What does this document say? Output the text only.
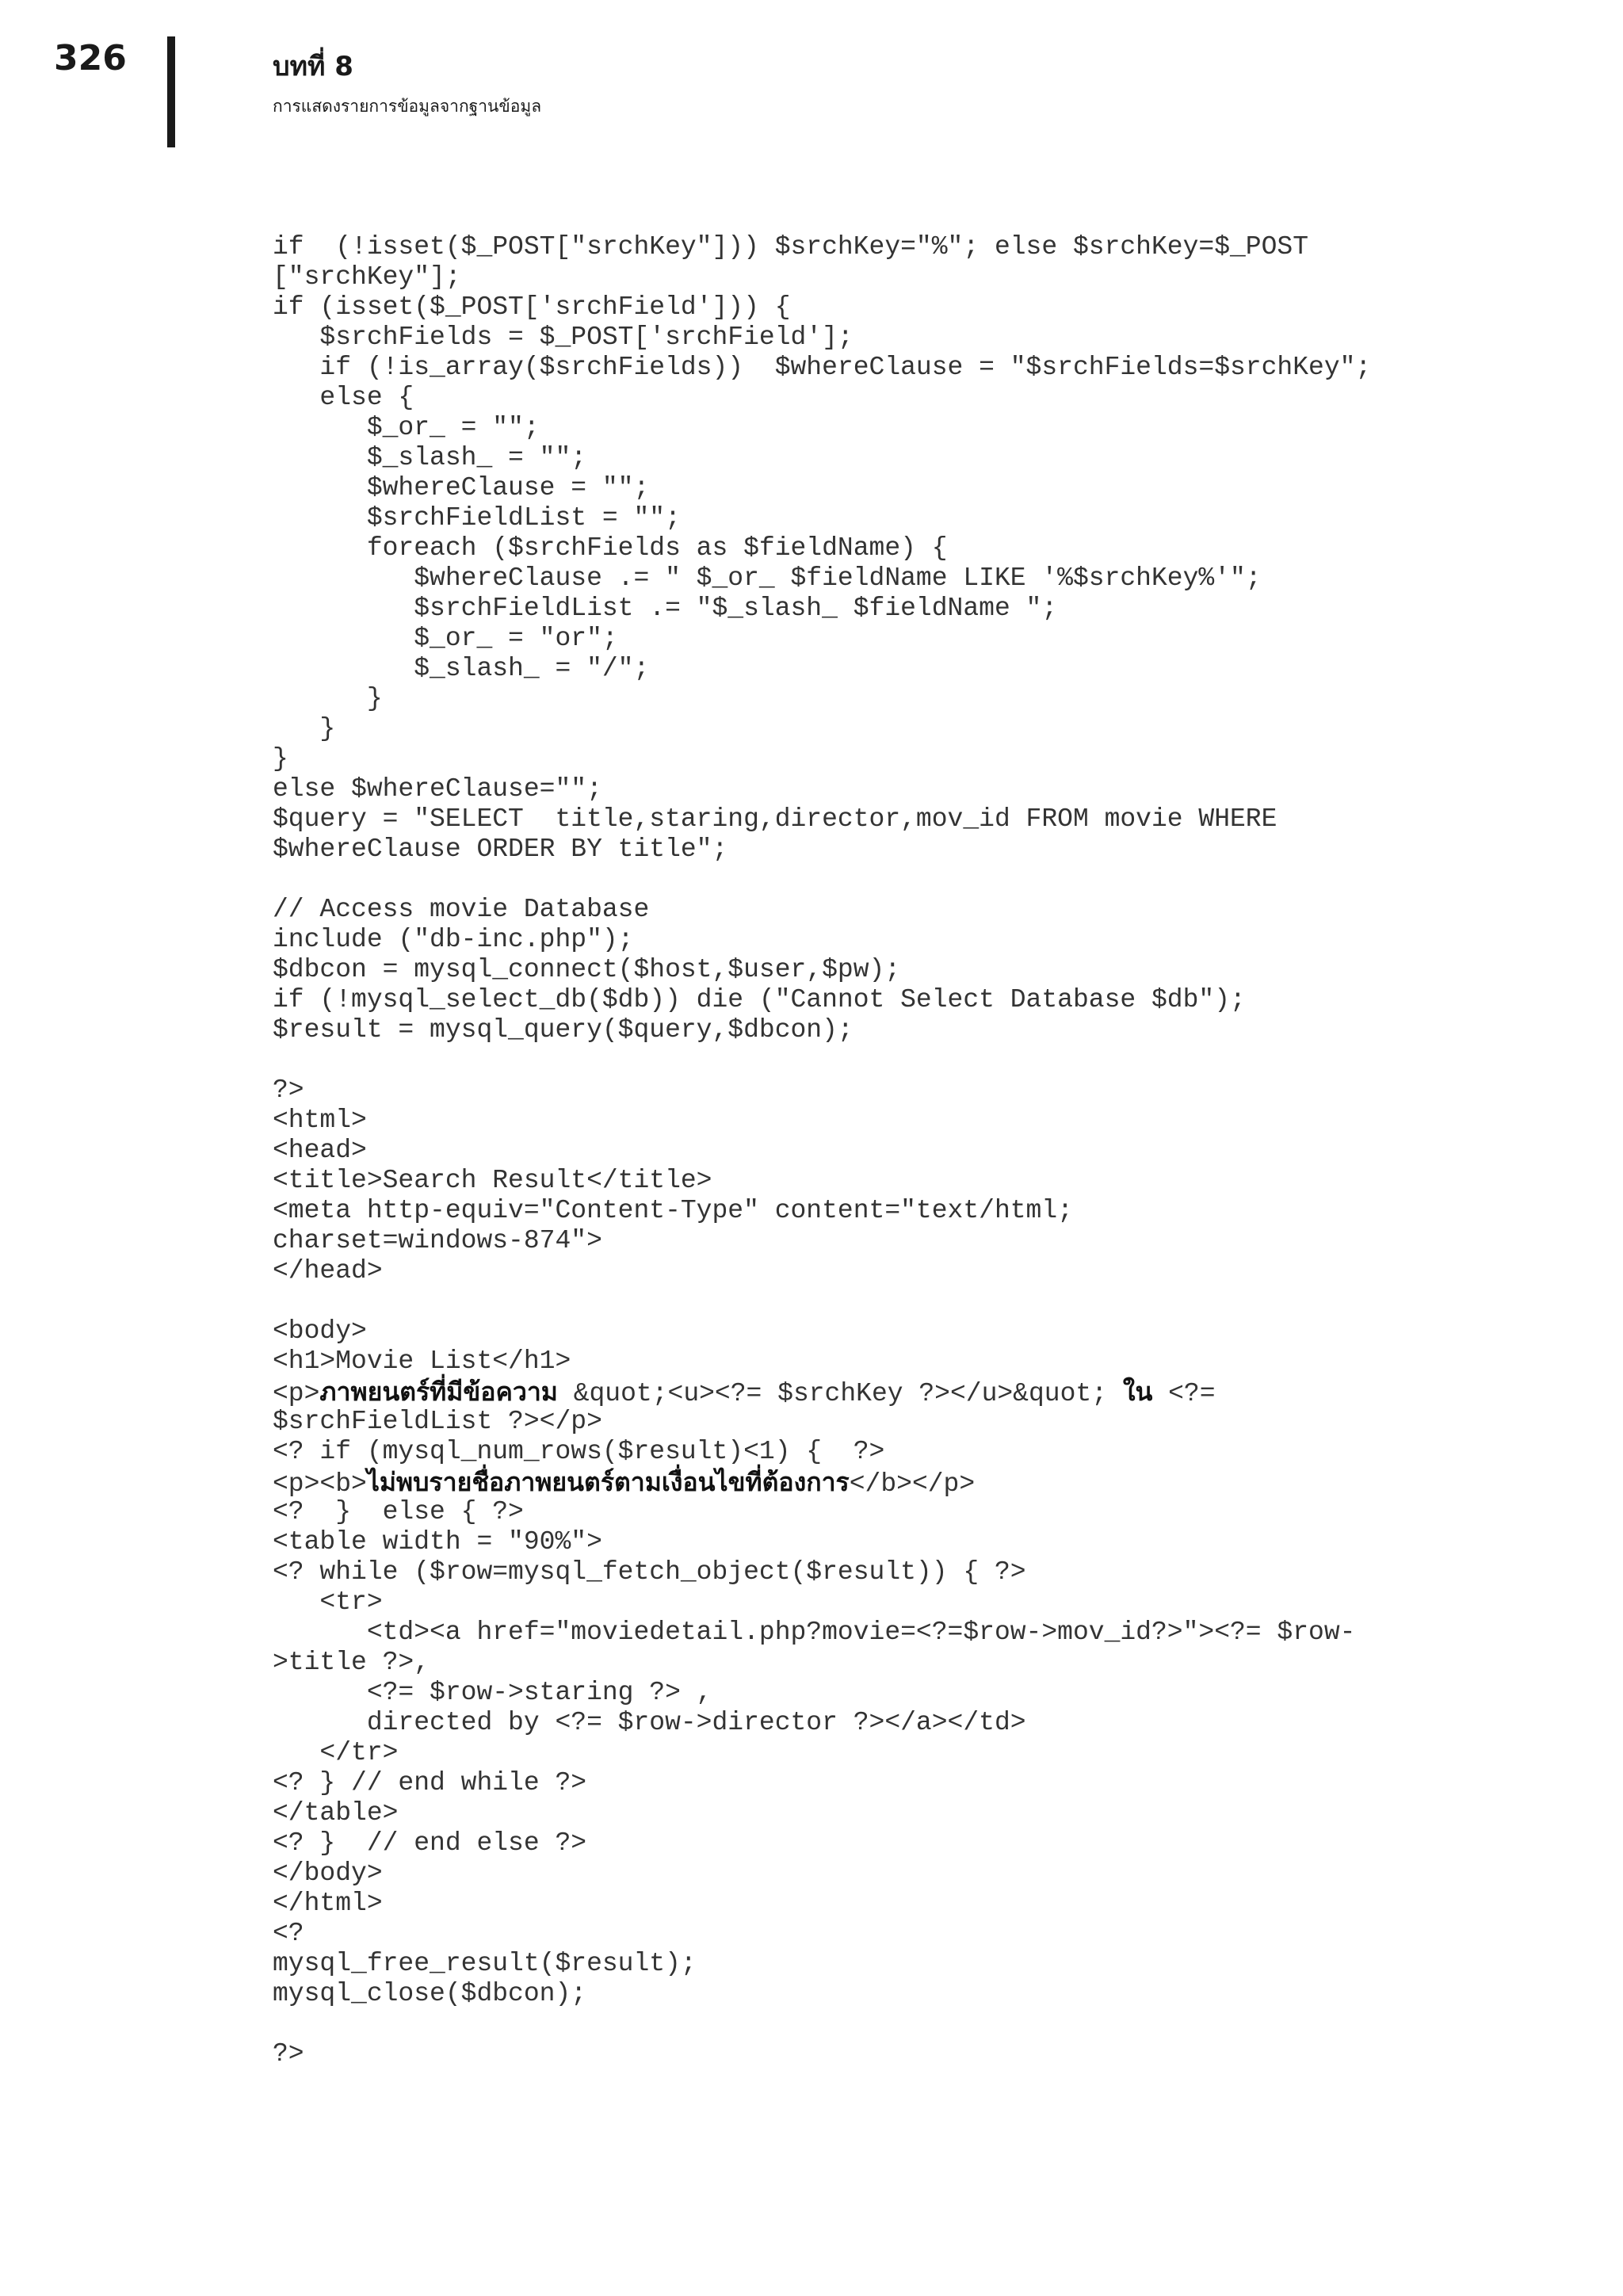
326	บทที่ 8
การแสดงรายการข้อมูลจากฐานข้อมูล
if  (!isset($_POST["srchKey"])) $srchKey="%"; else $srchKey=$_POST
["srchKey"];
if (isset($_POST['srchField'])) {
$srchFields = $_POST['srchField'];
if (!is_array($srchFields))  $whereClause = "$srchFields=$srchKey";
else {
$_or_ = "";
$_slash_ = "";
$whereClause = "";
$srchFieldList = "";
foreach ($srchFields as $fieldName) {
$whereClause .= " $_or_ $fieldName LIKE '%$srchKey%'";
$srchFieldList .= "$_slash_ $fieldName ";
$_or_ = "or";
$_slash_ = "/";
}
}
}
else $whereClause="";
$query = "SELECT  title,staring,director,mov_id FROM movie WHERE
$whereClause ORDER BY title";
// Access movie Database
include ("db-inc.php");
$dbcon = mysql_connect($host,$user,$pw);
if (!mysql_select_db($db)) die ("Cannot Select Database $db");
$result = mysql_query($query,$dbcon);
?>
<html>
<head>
<title>Search Result</title>
<meta http-equiv="Content-Type" content="text/html;
charset=windows-874">
</head>
<body>
<h1>Movie List</h1>
<p>ภาพยนตร์ที่มีข้อความ &quot;<u><?= $srchKey ?></u>&quot; ใน <?=
$srchFieldList ?></p>
<? if (mysql_num_rows($result)<1) {  ?>
<p><b>ไม่พบรายชื่อภาพยนตร์ตามเงื่อนไขที่ต้องการ</b></p>
<?  }  else { ?>
<table width = "90%">
<? while ($row=mysql_fetch_object($result)) { ?>
<tr>
<td><a href="moviedetail.php?movie=<?=$row->mov_id?>"><?= $row-
>title ?>,
<?= $row->staring ?> ,
directed by <?= $row->director ?></a></td>
</tr>
<? } // end while ?>
</table>
<? }  // end else ?>
</body>
</html>
<?
mysql_free_result($result);
mysql_close($dbcon);
?>
